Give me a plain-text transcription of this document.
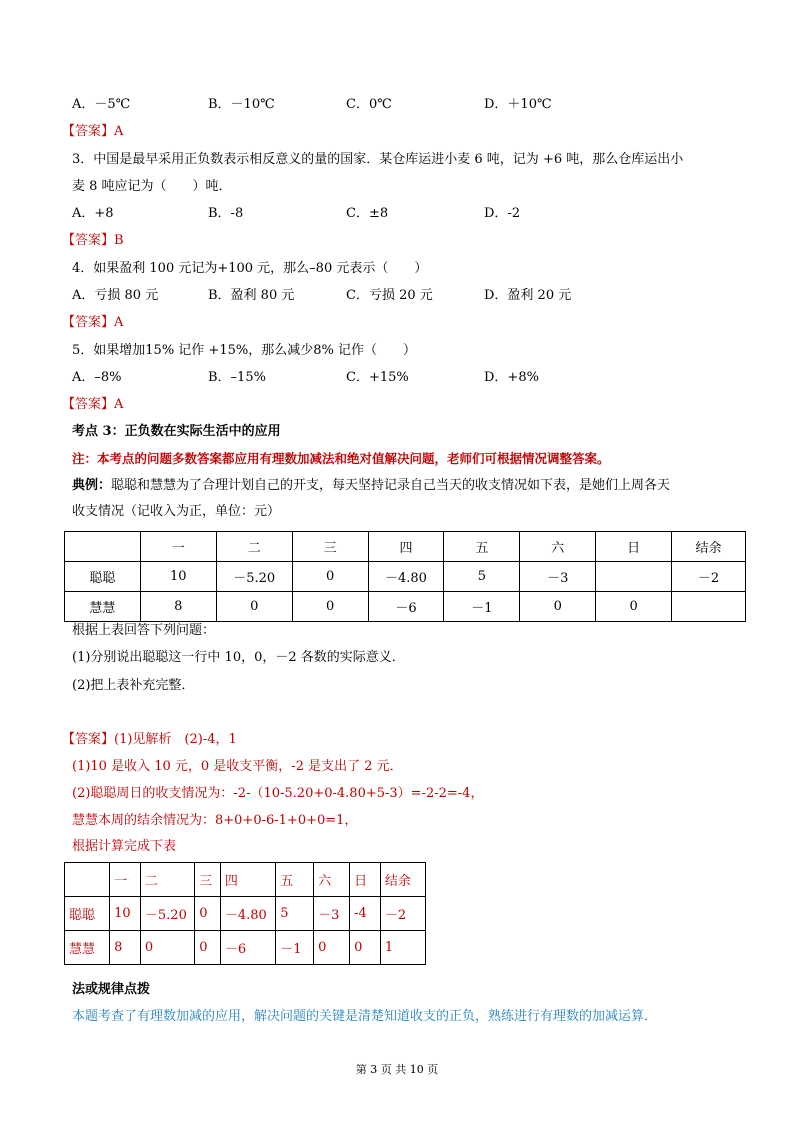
A．－5℃	B．－10℃	C．0℃	D．＋10℃
【答案】A
3．中国是最早采用正负数表示相反意义的量的国家．某仓库运进小麦 6 吨，记为 +6 吨，那么仓库运出小
麦 8 吨应记为（　　）吨．
A．+8	B．-8	C．±8	D．-2
【答案】B
4．如果盈利 100 元记为+100 元，那么–80 元表示（　　）
A．亏损 80 元	B．盈利 80 元	C．亏损 20 元	D．盈利 20 元
【答案】A
5．如果增加15% 记作 +15%，那么减少8% 记作（　　）
A．–8%	B．–15%	C．+15%	D．+8%
【答案】A
考点 3：正负数在实际生活中的应用
注：本考点的问题多数答案都应用有理数加减法和绝对值解决问题，老师们可根据情况调整答案。
典例：聪聪和慧慧为了合理计划自己的开支，每天坚持记录自己当天的收支情况如下表，是她们上周各天
收支情况（记收入为正，单位：元）
	一	二	三	四	五	六	日	结余
聪聪	10	－5.20	0	－4.80	5	－3		－2
慧慧	8	0	0	－6	－1	0	0	
根据上表回答下列问题：
(1)分别说出聪聪这一行中 10，0，－2 各数的实际意义．
(2)把上表补充完整．
【答案】(1)见解析　(2)-4，1
(1)10 是收入 10 元，0 是收支平衡，-2 是支出了 2 元．
(2)聪聪周日的收支情况为：-2-（10-5.20+0-4.80+5-3）=-2-2=-4，
慧慧本周的结余情况为：8+0+0-6-1+0+0=1，
根据计算完成下表
	一	二	三	四	五	六	日	结余
聪聪	10	－5.20	0	－4.80	5	－3	-4	－2
慧慧	8	0	0	－6	－1	0	0	1
法或规律点拨
本题考查了有理数加减的应用，解决问题的关键是清楚知道收支的正负，熟练进行有理数的加减运算．
第 3 页 共 10 页
